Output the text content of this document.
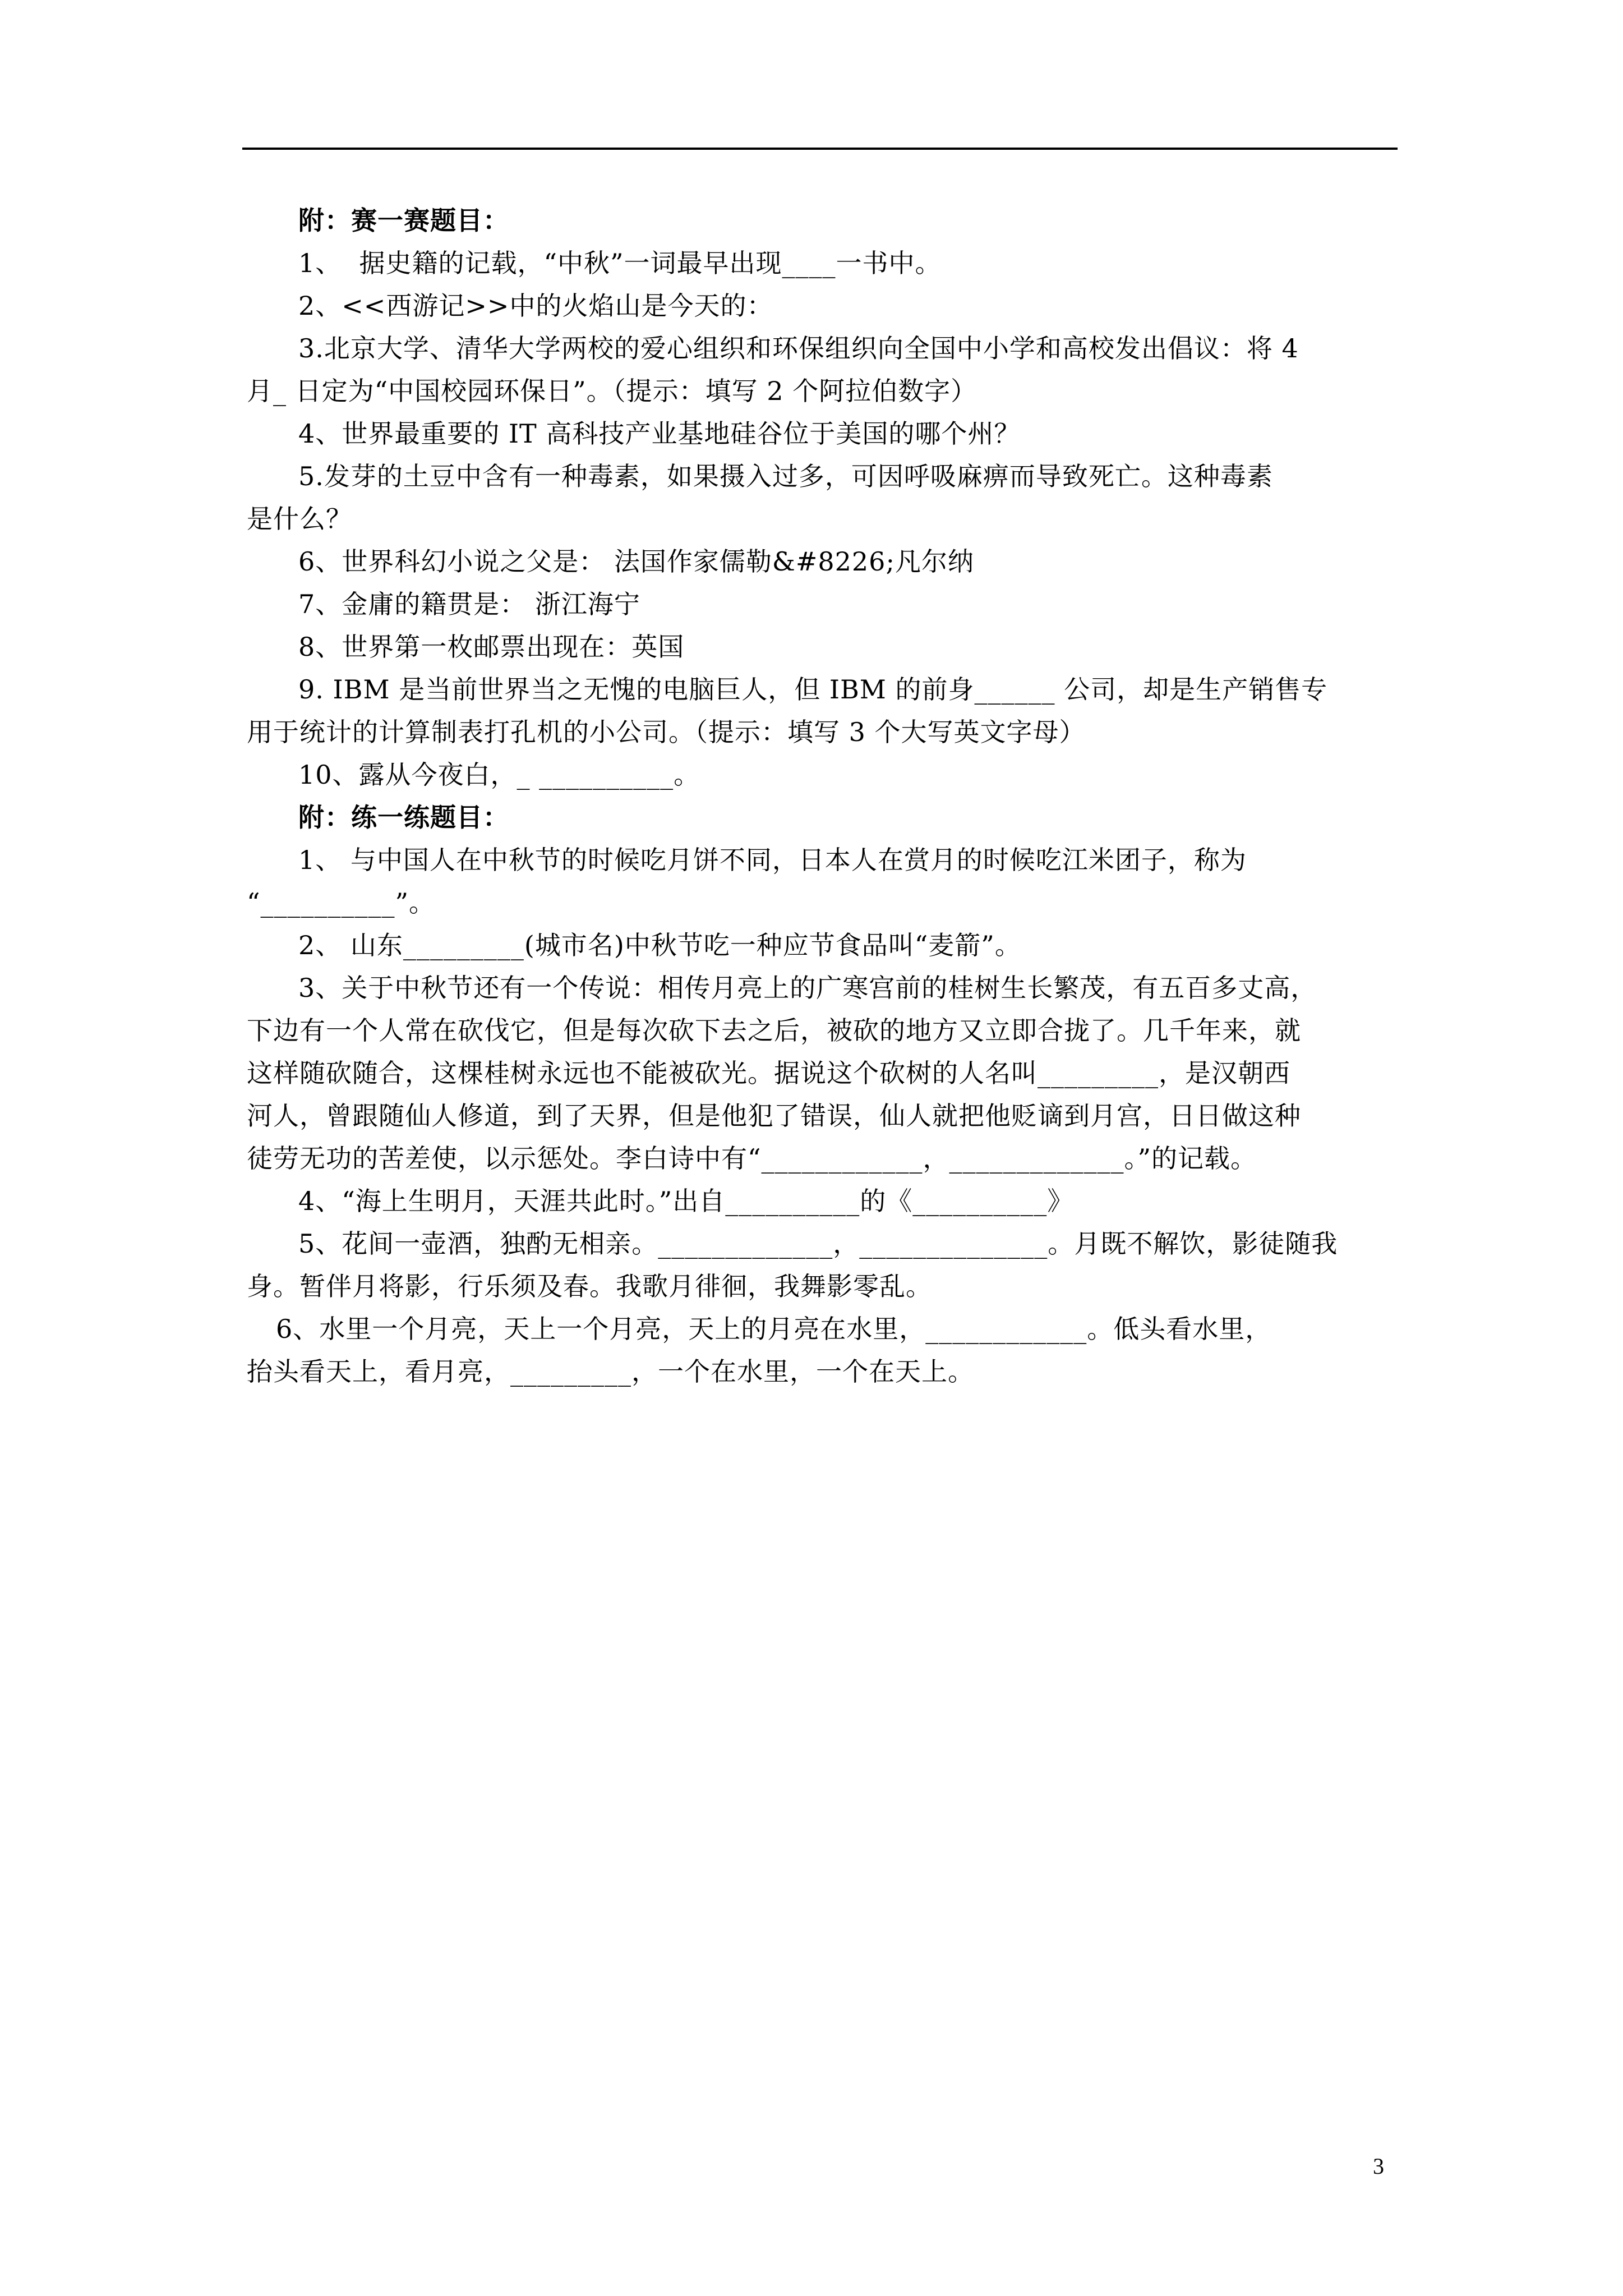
附：赛一赛题目：
1、  据史籍的记载，“中秋”一词最早出现____一书中。
2、<<西游记>>中的火焰山是今天的：
3.北京大学、清华大学两校的爱心组织和环保组织向全国中小学和高校发出倡议：将 4
月_ 日定为“中国校园环保日”。（提示：填写 2 个阿拉伯数字）
4、世界最重要的 IT 高科技产业基地硅谷位于美国的哪个州？
5.发芽的土豆中含有一种毒素，如果摄入过多，可因呼吸麻痹而导致死亡。这种毒素
是什么？
6、世界科幻小说之父是： 法国作家儒勒&#8226;凡尔纳
7、金庸的籍贯是： 浙江海宁
8、世界第一枚邮票出现在：英国
9. IBM 是当前世界当之无愧的电脑巨人，但 IBM 的前身______ 公司，却是生产销售专
用于统计的计算制表打孔机的小公司。（提示：填写 3 个大写英文字母）
10、露从今夜白，_ __________。
附：练一练题目：
1、 与中国人在中秋节的时候吃月饼不同，日本人在赏月的时候吃江米团子，称为
“__________”。
2、 山东_________(城市名)中秋节吃一种应节食品叫“麦箭”。
3、关于中秋节还有一个传说：相传月亮上的广寒宫前的桂树生长繁茂，有五百多丈高，
下边有一个人常在砍伐它，但是每次砍下去之后，被砍的地方又立即合拢了。几千年来，就
这样随砍随合，这棵桂树永远也不能被砍光。据说这个砍树的人名叫_________，是汉朝西
河人，曾跟随仙人修道，到了天界，但是他犯了错误，仙人就把他贬谪到月宫，日日做这种
徒劳无功的苦差使，以示惩处。李白诗中有“____________，_____________。”的记载。
4、“海上生明月，天涯共此时。”出自__________的《__________》
5、花间一壶酒，独酌无相亲。_____________，______________。月既不解饮，影徒随我
身。暂伴月将影，行乐须及春。我歌月徘徊，我舞影零乱。
6、水里一个月亮，天上一个月亮，天上的月亮在水里，____________。低头看水里，
抬头看天上，看月亮，_________，一个在水里，一个在天上。
3
